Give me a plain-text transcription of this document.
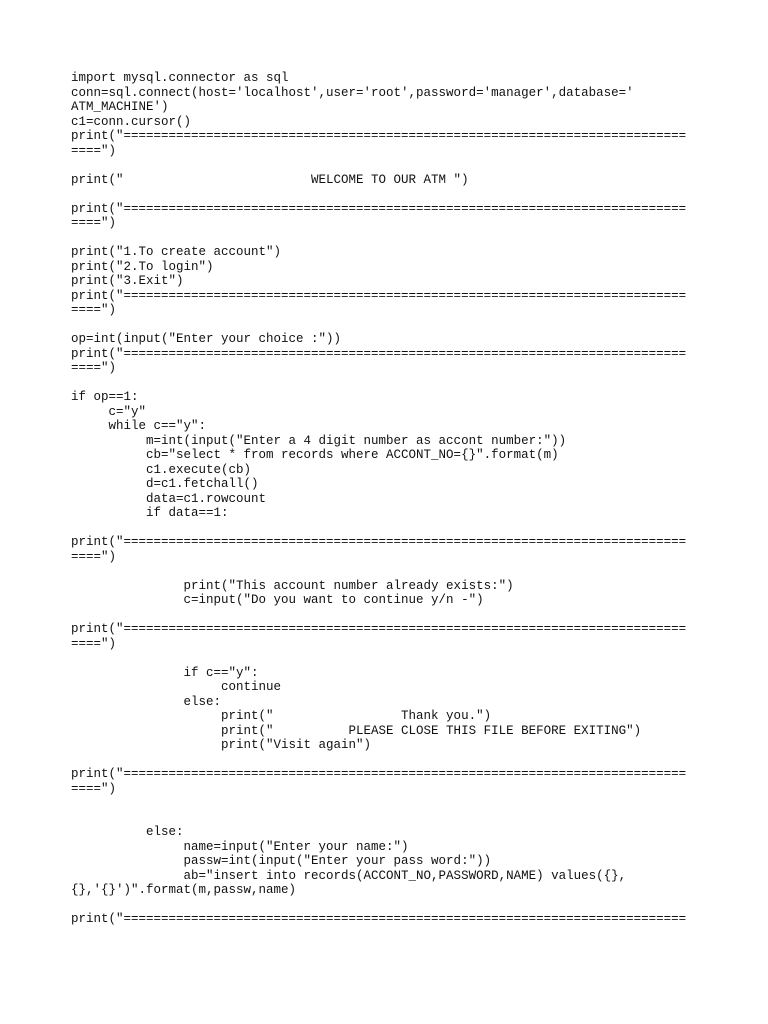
import mysql.connector as sql
conn=sql.connect(host='localhost',user='root',password='manager',database='
ATM_MACHINE')
c1=conn.cursor()
print("===========================================================================
====")
print("                         WELCOME TO OUR ATM ")
print("===========================================================================
====")
print("1.To create account")
print("2.To login")
print("3.Exit")
print("===========================================================================
====")
op=int(input("Enter your choice :"))
print("===========================================================================
====")
if op==1:
c="y"
while c=="y":
m=int(input("Enter a 4 digit number as accont number:"))
cb="select * from records where ACCONT_NO={}".format(m)
c1.execute(cb)
d=c1.fetchall()
data=c1.rowcount
if data==1:
print("===========================================================================
====")
print("This account number already exists:")
c=input("Do you want to continue y/n -")
print("===========================================================================
====")
if c=="y":
continue
else:
print("                 Thank you.")
print("          PLEASE CLOSE THIS FILE BEFORE EXITING")
print("Visit again")
print("===========================================================================
====")
else:
name=input("Enter your name:")
passw=int(input("Enter your pass word:"))
ab="insert into records(ACCONT_NO,PASSWORD,NAME) values({},
{},'{}')".format(m,passw,name)
print("===========================================================================
